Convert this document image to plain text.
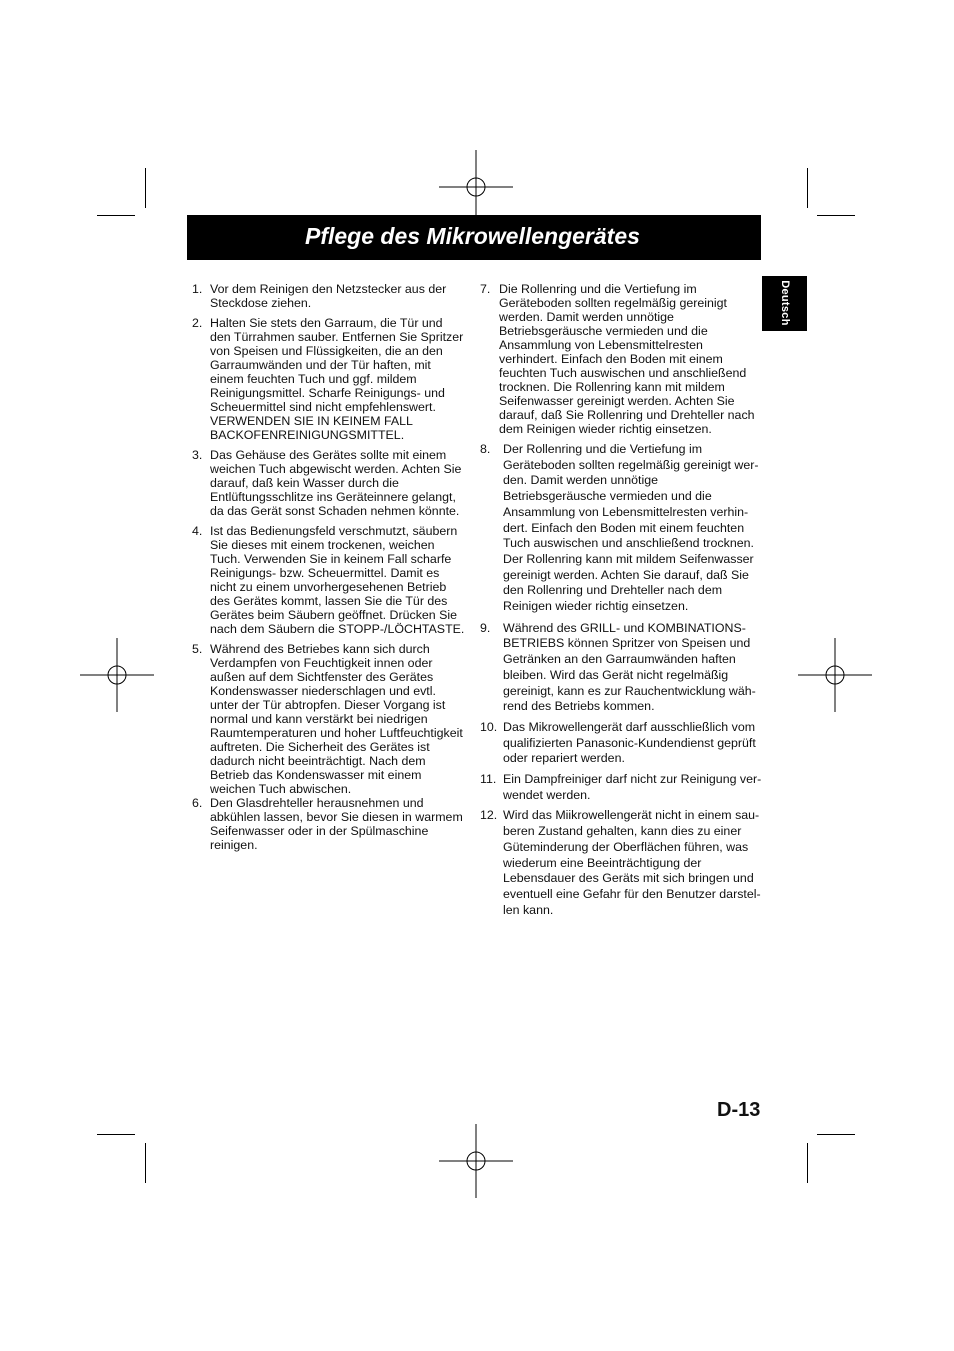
Pflege des Mikrowellengerätes
Deutsch
1. Vor dem Reinigen den Netzstecker aus der
Steckdose ziehen.
2. Halten Sie stets den Garraum, die Tür und
den Türrahmen sauber. Entfernen Sie Spritzer
von Speisen und Flüssigkeiten, die an den
Garraumwänden und der Tür haften, mit
einem feuchten Tuch und ggf. mildem
Reinigungsmittel. Scharfe Reinigungs- und
Scheuermittel sind nicht empfehlenswert.
VERWENDEN SIE IN KEINEM FALL
BACKOFENREINIGUNGSMITTEL.
3. Das Gehäuse des Gerätes sollte mit einem
weichen Tuch abgewischt werden. Achten Sie
darauf, daß kein Wasser durch die
Entlüftungsschlitze ins Geräteinnere gelangt,
da das Gerät sonst Schaden nehmen könnte.
4. Ist das Bedienungsfeld verschmutzt, säubern
Sie dieses mit einem trockenen, weichen
Tuch. Verwenden Sie in keinem Fall scharfe
Reinigungs- bzw. Scheuermittel. Damit es
nicht zu einem unvorhergesehenen Betrieb
des Gerätes kommt, lassen Sie die Tür des
Gerätes beim Säubern geöffnet. Drücken Sie
nach dem Säubern die STOPP-/LÖCHTASTE.
5. Während des Betriebes kann sich durch
Verdampfen von Feuchtigkeit innen oder
außen auf dem Sichtfenster des Gerätes
Kondenswasser niederschlagen und evtl.
unter der Tür abtropfen. Dieser Vorgang ist
normal und kann verstärkt bei niedrigen
Raumtemperaturen und hoher Luftfeuchtigkeit
auftreten. Die Sicherheit des Gerätes ist
dadurch nicht beeinträchtigt. Nach dem
Betrieb das Kondenswasser mit einem
weichen Tuch abwischen.
6. Den Glasdrehteller herausnehmen und
abkühlen lassen, bevor Sie diesen in warmem
Seifenwasser oder in der Spülmaschine
reinigen.
7. Die Rollenring und die Vertiefung im
Geräteboden sollten regelmäßig gereinigt
werden. Damit werden unnötige
Betriebsgeräusche vermieden und die
Ansammlung von Lebensmittelresten
verhindert. Einfach den Boden mit einem
feuchten Tuch auswischen und anschließend
trocknen. Die Rollenring kann mit mildem
Seifenwasser gereinigt werden. Achten Sie
darauf, daß Sie Rollenring und Drehteller nach
dem Reinigen wieder richtig einsetzen.
8. Der Rollenring und die Vertiefung im
Geräteboden sollten regelmäßig gereinigt wer-
den. Damit werden unnötige
Betriebsgeräusche vermieden und die
Ansammlung von Lebensmittelresten verhin-
dert. Einfach den Boden mit einem feuchten
Tuch auswischen und anschließend trocknen.
Der Rollenring kann mit mildem Seifenwasser
gereinigt werden. Achten Sie darauf, daß Sie
den Rollenring und Drehteller nach dem
Reinigen wieder richtig einsetzen.
9. Während des GRILL- und KOMBINATIONS-
BETRIEBS können Spritzer von Speisen und
Getränken an den Garraumwänden haften
bleiben. Wird das Gerät nicht regelmäßig
gereinigt, kann es zur Rauchentwicklung wäh-
rend des Betriebs kommen.
10. Das Mikrowellengerät darf ausschließlich vom
qualifizierten Panasonic-Kundendienst geprüft
oder repariert werden.
11. Ein Dampfreiniger darf nicht zur Reinigung ver-
wendet werden.
12. Wird das Miikrowellengerät nicht in einem sau-
beren Zustand gehalten, kann dies zu einer
Güteminderung der Oberflächen führen, was
wiederum eine Beeinträchtigung der
Lebensdauer des Geräts mit sich bringen und
eventuell eine Gefahr für den Benutzer darstel-
len kann.
D-13
